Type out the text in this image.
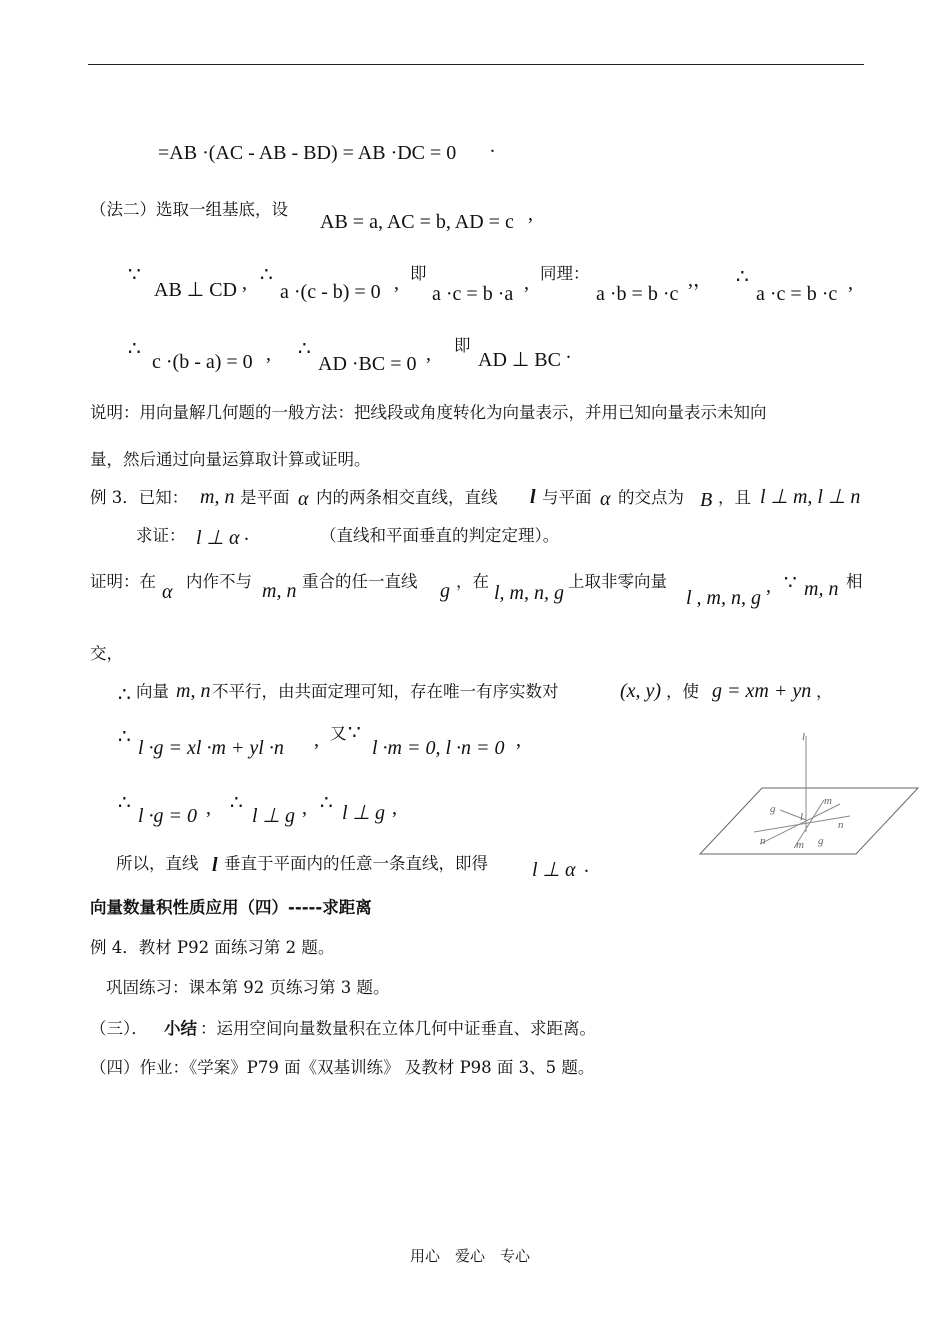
=AB ·(AC - AB - BD) = AB ·DC = 0 .
（法二）选取一组基底，设
AB = a, AC = b, AD = c ,
∵
AB ⊥ CD , ∴
a ·(c - b) = 0 , 即
a ·c = b ·a , 同理：
a ·b = b ·c
,， ∴
a ·c = b ·c ,
∴
c ·(b - a) = 0 , ∴
AD ·BC = 0 , 即
AD ⊥ BC .
说明：用向量解几何题的一般方法：把线段或角度转化为向量表示，并用已知向量表示未知向
量，然后通过向量运算取计算或证明。
例 3．已知： m, n 是平面 α 内的两条相交直线，直线 l 与平面 α 的交点为 B ，且 l ⊥ m, l ⊥ n
求证： l ⊥ α .	（直线和平面垂直的判定定理）。
证明：在 α 内作不与 m, n 重合的任一直线 g ，在
l, m, n, g
上取非零向量
l , m, n, g
, ∵ m, n 相
交，
∴ 向量 m, n 不平行，由共面定理可知，存在唯一有序实数对	(x, y) ，使 g = xm + yn ，
∴ l ·g = xl ·m + yl ·n , 又 ∵
l ·m = 0, l ·n = 0 ,
∴
l ·g = 0 , ∴
l ⊥ g , ∴ l ⊥ g ,
所以，直线 l 垂直于平面内的任意一条直线，即得 l ⊥ α .
l
g
m
l
n
n	m g
向量数量积性质应用（四）-----求距离
例 4．教材 P92 面练习第 2 题。
巩固练习：课本第 92 页练习第 3 题。
（三）． 小结 ：运用空间向量数量积在立体几何中证垂直、求距离。
（四）作业：《学案》P79 面《双基训练》 及教材 P98 面 3、5 题。
用心　爱心　专心
